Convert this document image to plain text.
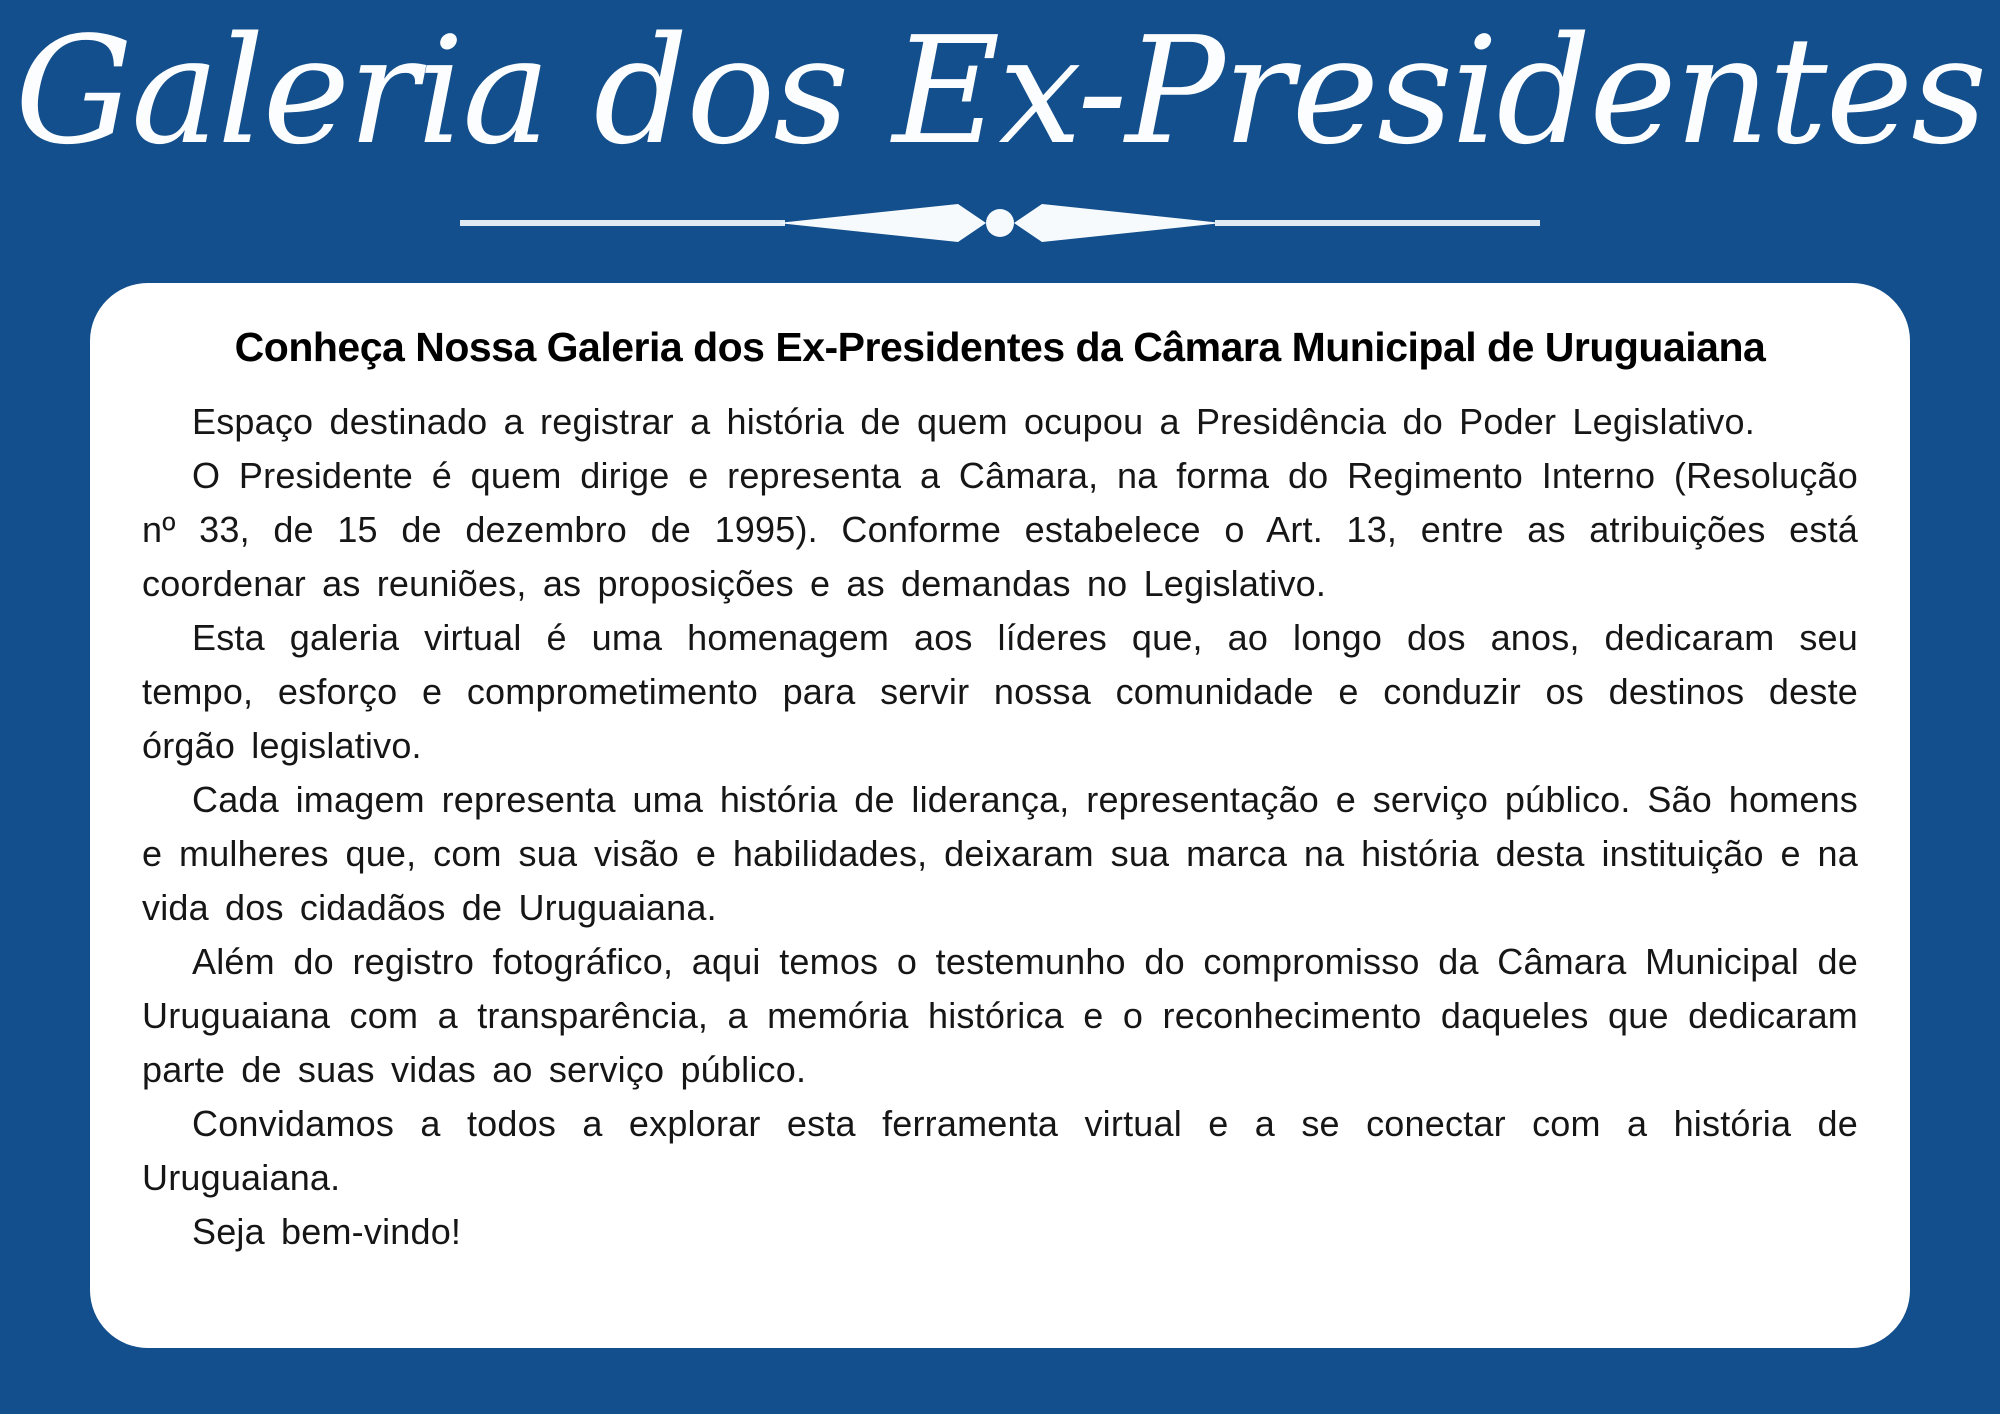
Galeria dos Ex-Presidentes
Conheça Nossa Galeria dos Ex-Presidentes da Câmara Municipal de Uruguaiana

Espaço destinado a registrar a história de quem ocupou a Presidência do Poder Legislativo.

O Presidente é quem dirige e representa a Câmara, na forma do Regimento Interno (Resolução nº 33, de 15 de dezembro de 1995). Conforme estabelece o Art. 13, entre as atribuições está coordenar as reuniões, as proposições e as demandas no Legislativo.

Esta galeria virtual é uma homenagem aos líderes que, ao longo dos anos, dedicaram seu tempo, esforço e comprometimento para servir nossa comunidade e conduzir os destinos deste órgão legislativo.

Cada imagem representa uma história de liderança, representação e serviço público. São homens e mulheres que, com sua visão e habilidades, deixaram sua marca na história desta instituição e na vida dos cidadãos de Uruguaiana.

Além do registro fotográfico, aqui temos o testemunho do compromisso da Câmara Municipal de Uruguaiana com a transparência, a memória histórica e o reconhecimento daqueles que dedicaram parte de suas vidas ao serviço público.

Convidamos a todos a explorar esta ferramenta virtual e a se conectar com a história de Uruguaiana.

Seja bem-vindo!
